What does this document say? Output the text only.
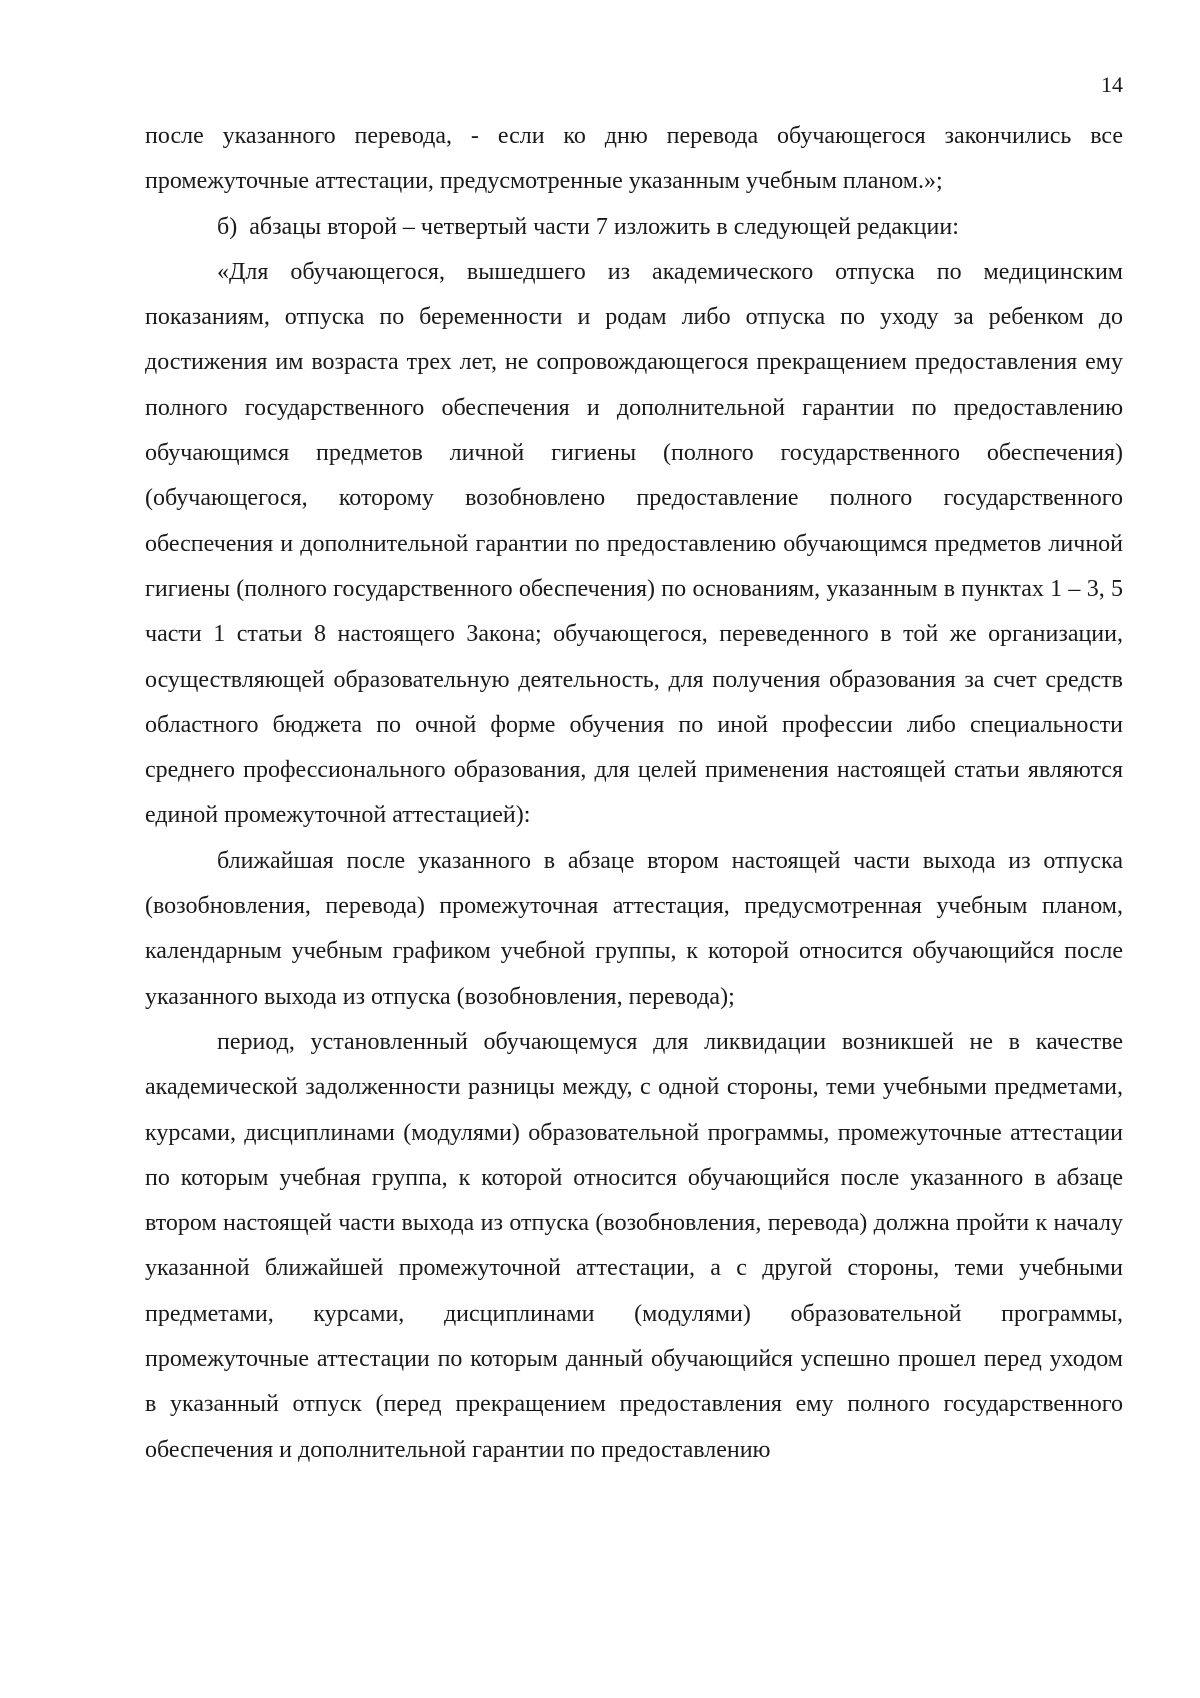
14

после указанного перевода, - если ко дню перевода обучающегося закончились все промежуточные аттестации, предусмотренные указанным учебным планом.»;

б)  абзацы второй – четвертый части 7 изложить в следующей редакции:

«Для обучающегося, вышедшего из академического отпуска по медицинским показаниям, отпуска по беременности и родам либо отпуска по уходу за ребенком до достижения им возраста трех лет, не сопровождающегося прекращением предоставления ему полного государственного обеспечения и дополнительной гарантии по предоставлению обучающимся предметов личной гигиены (полного государственного обеспечения) (обучающегося, которому возобновлено предоставление полного государственного обеспечения и дополнительной гарантии по предоставлению обучающимся предметов личной гигиены (полного государственного обеспечения) по основаниям, указанным в пунктах 1 – 3, 5 части 1 статьи 8 настоящего Закона; обучающегося, переведенного в той же организации, осуществляющей образовательную деятельность, для получения образования за счет средств областного бюджета по очной форме обучения по иной профессии либо специальности среднего профессионального образования, для целей применения настоящей статьи являются единой промежуточной аттестацией):

ближайшая после указанного в абзаце втором настоящей части выхода из отпуска (возобновления, перевода) промежуточная аттестация, предусмотренная учебным планом, календарным учебным графиком учебной группы, к которой относится обучающийся после указанного выхода из отпуска (возобновления, перевода);

период, установленный обучающемуся для ликвидации возникшей не в качестве академической задолженности разницы между, с одной стороны, теми учебными предметами, курсами, дисциплинами (модулями) образовательной программы, промежуточные аттестации по которым учебная группа, к которой относится обучающийся после указанного в абзаце втором настоящей части выхода из отпуска (возобновления, перевода) должна пройти к началу указанной ближайшей промежуточной аттестации, а с другой стороны, теми учебными предметами, курсами, дисциплинами (модулями) образовательной программы, промежуточные аттестации по которым данный обучающийся успешно прошел перед уходом в указанный отпуск (перед прекращением предоставления ему полного государственного обеспечения и дополнительной гарантии по предоставлению
